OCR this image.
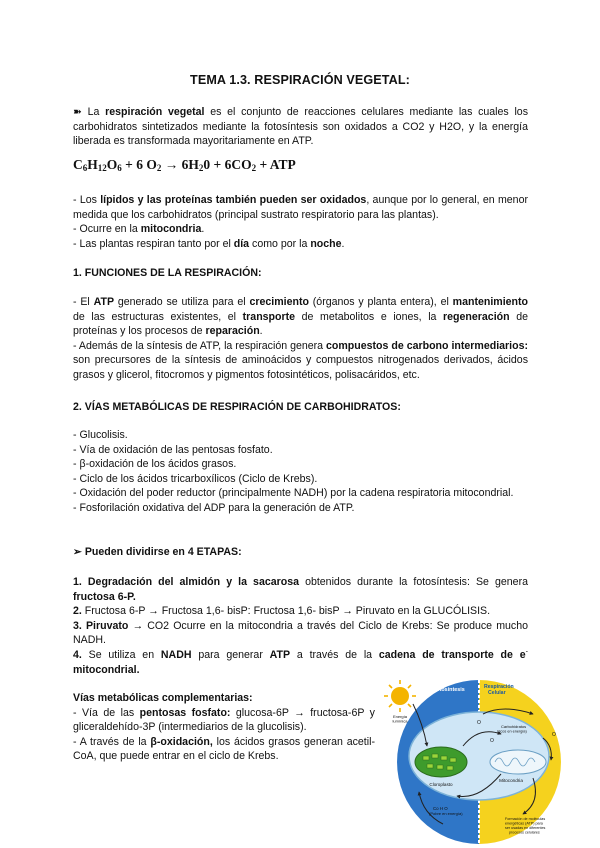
TEMA 1.3. RESPIRACIÓN VEGETAL:
➽ La respiración vegetal es el conjunto de reacciones celulares mediante las cuales los carbohidratos sintetizados mediante la fotosíntesis son oxidados a CO2 y H2O, y la energía liberada es transformada mayoritariamente en ATP.
$C_6H_{12}O_6 + 6$ $O_2 \to 6H_20 + 6CO_2$ + ATP

- Los lípidos y las proteínas también pueden ser oxidados, aunque por lo general, en menor medida que los carbohidratos (principal sustrato respiratorio para las plantas).

- Ocurre en la mitocondria.

- Las plantas respiran tanto por el día como por la noche.

1. FUNCIONES DE LA RESPIRACIÓN:

- El ATP generado se utiliza para el crecimiento (órganos y planta entera), el mantenimiento de las estructuras existentes, el transporte de metabolitos e iones, la regeneración de proteínas y los procesos de reparación.

- Además de la síntesis de ATP, la respiración genera compuestos de carbono intermediarios: son precursores de la síntesis de aminoácidos y compuestos nitrogenados derivados, ácidos grasos y glicerol, fitocromos y pigmentos fotosintéticos, polisacáridos, etc.

2. VÍAS METABÓLICAS DE RESPIRACIÓN DE CARBOHIDRATOS:

- Glucolisis.

- Vía de oxidación de las pentosas fosfato.

- β-oxidación de los ácidos grasos.

- Ciclo de los ácidos tricarboxílicos (Ciclo de Krebs).

- Oxidación del poder reductor (principalmente NADH) por la cadena respiratoria mitocondrial.

- Fosforilación oxidativa del ADP para la generación de ATP.

➢ Pueden dividirse en 4 ETAPAS:

1. Degradación del almidón y la sacarosa obtenidos durante la fotosíntesis: Se genera fructosa 6-P.

2. Fructosa 6-P → Fructosa 1,6- bisP: Fructosa 1,6- bisP → Piruvato en la GLUCÓLISIS.

3. Piruvato → CO2 Ocurre en la mitocondria a través del Ciclo de Krebs: Se produce mucho NADH.

4. Se utiliza en NADH para generar ATP a través de la cadena de transporte de e- mitocondrial.

Vías metabólicas complementarias:

- Vía de las pentosas fosfato: glucosa-6P → fructosa-6P y gliceraldehído-3P (intermediarios de la glucolisis).

- A través de la β-oxidación, los ácidos grasos generan acetil-CoA, que puede entrar en el ciclo de Krebs.

Energía
lumínica
Fotosíntesis	Respiración
Celular
Cloroplasto
Mitocondria
O
Carbohidratos
(ricos en energía)
O
O
Co H O
(Pobre en energía)
Formación de moléculas
energéticas (ATP) para
ser usadas en diferentes
procesos celulares
